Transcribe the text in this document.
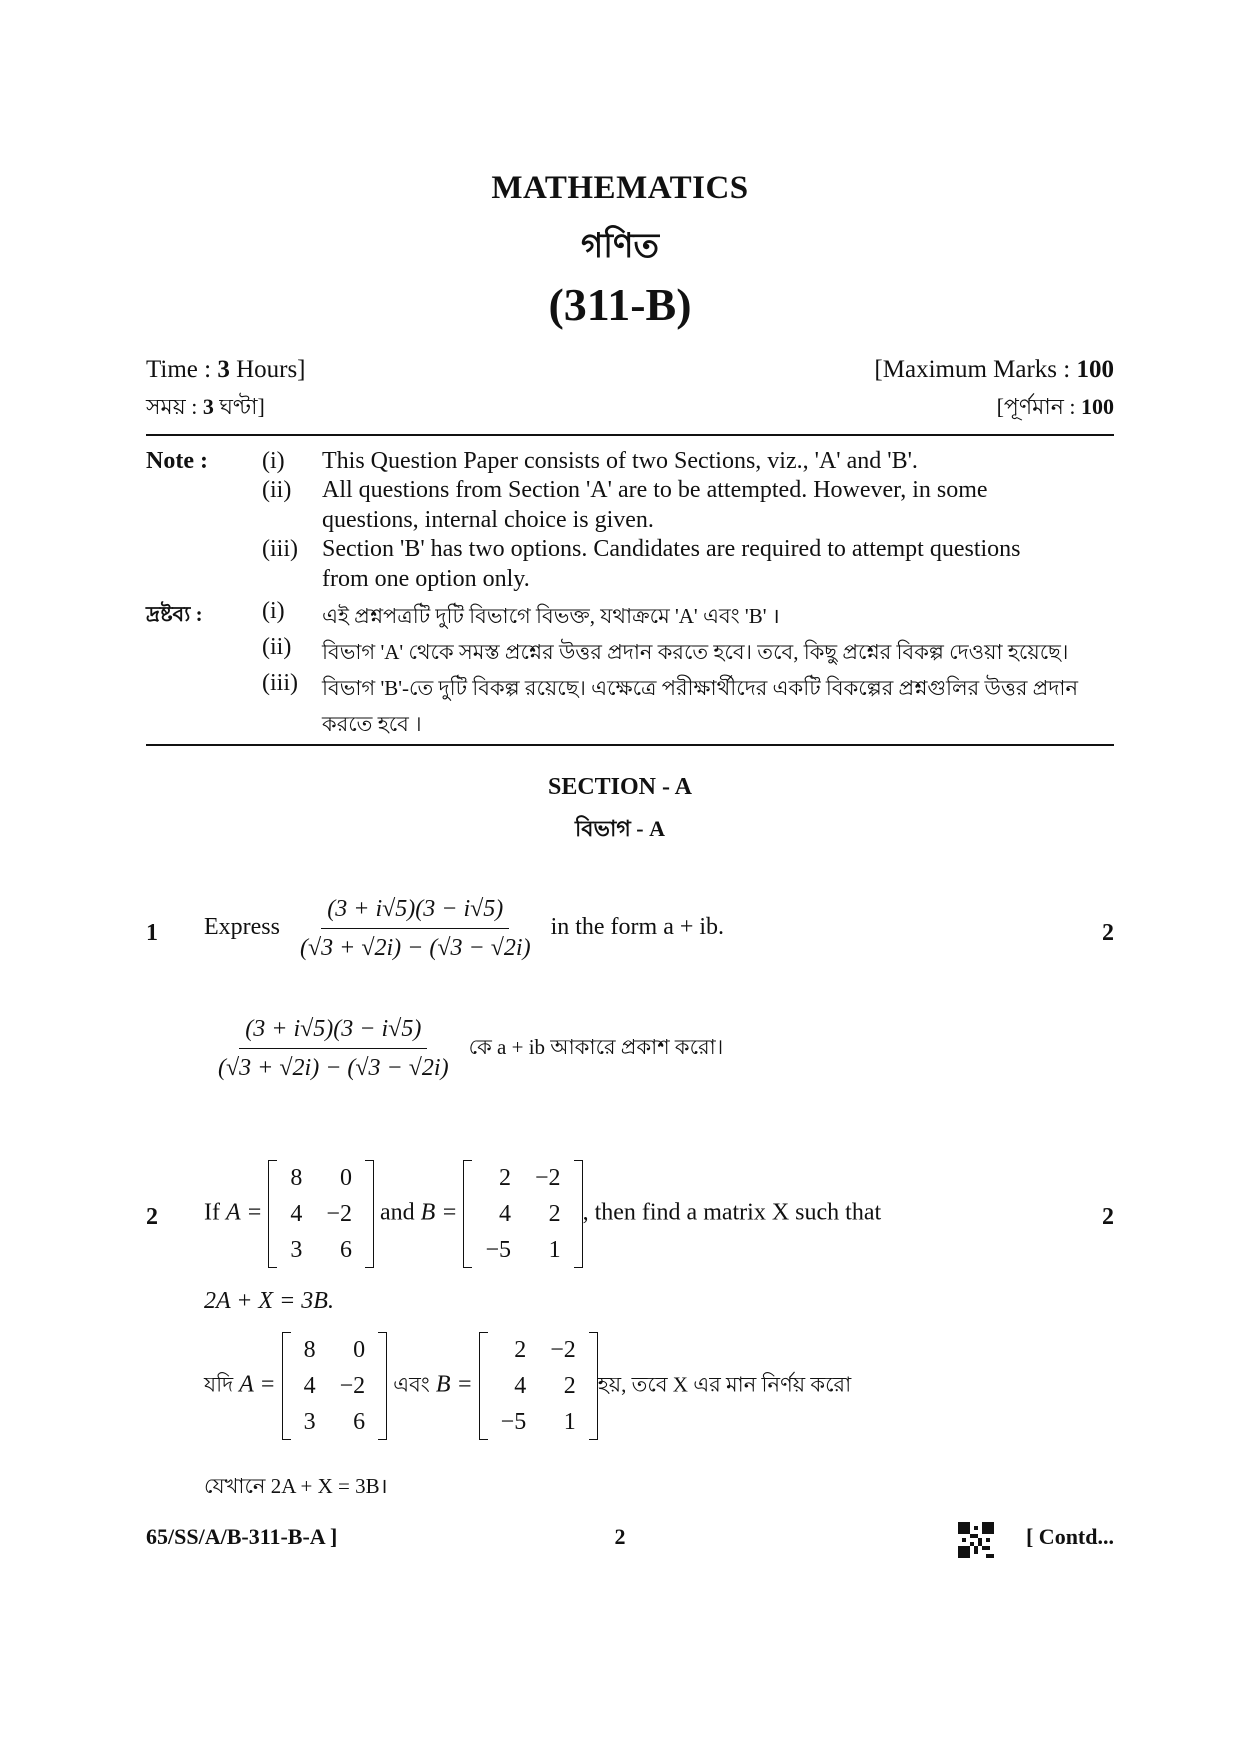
MATHEMATICS
গণিত
(311-B)
Time : 3 Hours]	[Maximum Marks : 100
সময় : 3 ঘণ্টা]	[পূর্ণমান : 100
Note : (i) This Question Paper consists of two Sections, viz., 'A' and 'B'.
(ii) All questions from Section 'A' are to be attempted. However, in some
questions, internal choice is given.
(iii) Section 'B' has two options. Candidates are required to attempt questions
from one option only.
দ্রষ্টব্য : (i) এই প্রশ্নপত্রটি দুটি বিভাগে বিভক্ত, যথাক্রমে 'A' এবং 'B' ।
(ii) বিভাগ 'A' থেকে সমস্ত প্রশ্নের উত্তর প্রদান করতে হবে। তবে, কিছু প্রশ্নের বিকল্প দেওয়া হয়েছে।
(iii) বিভাগ 'B'-তে দুটি বিকল্প রয়েছে। এক্ষেত্রে পরীক্ষার্থীদের একটি বিকল্পের প্রশ্নগুলির উত্তর প্রদান
করতে হবে ।
SECTION - A
বিভাগ - A
1	2
Express $\frac{(3 + i√5)(3 - i√5)}{(√3 + √2i) - (√3 - √2i)}$ in the form a + ib.
$\frac{(3 + i√5)(3 - i√5)}{(√3 + √2i) - (√3 - √2i)}$ কে a + ib আকারে প্রকাশ করো।
2	2
If A =
8	0
4	−2
3	6
and B =
2	−2
4	2
−5	1
, then find a matrix X such that
2A + X = 3B.
যদি A =
8	0
4	−2
3	6
এবং B =
2	−2
4	2
−5	1
হয়, তবে X এর মান নির্ণয় করো
যেখানে 2A + X = 3B।
65/SS/A/B-311-B-A ]	2	[ Contd...
